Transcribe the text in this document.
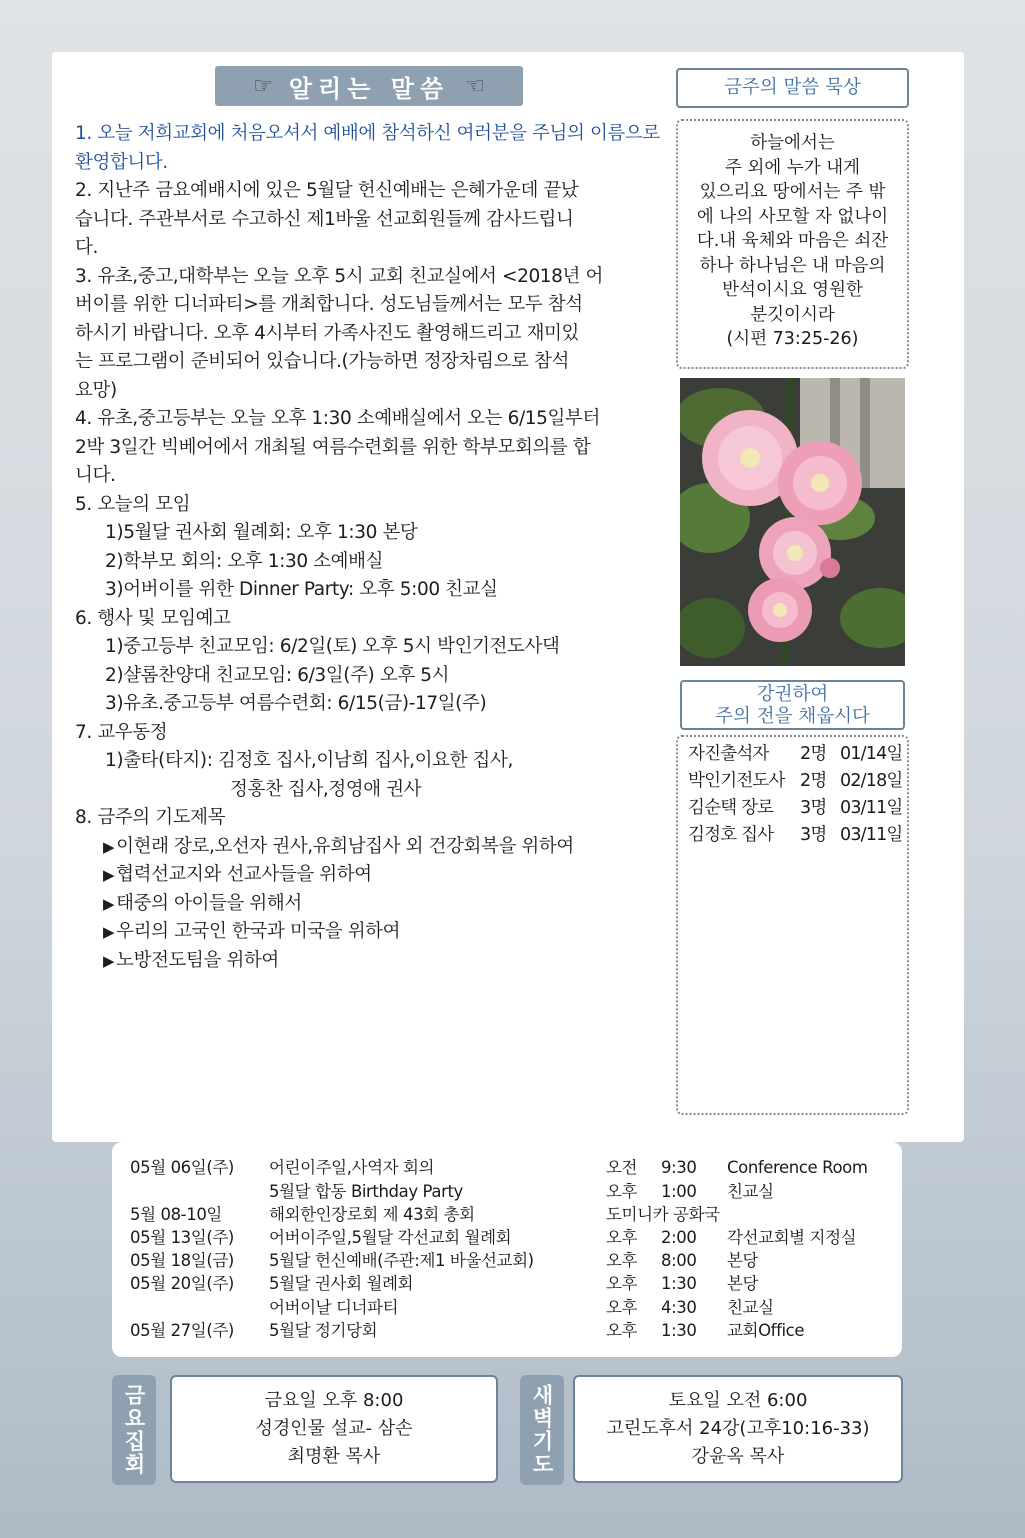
☞ 알리는 말씀 ☜

1. 오늘 저희교회에 처음오셔서 예배에 참석하신 여러분을 주님의 이름으로 환영합니다.

2. 지난주 금요예배시에 있은 5월달 헌신예배는 은혜가운데 끝났

습니다. 주관부서로 수고하신 제1바울 선교회원들께 감사드립니

다.

3. 유초,중고,대학부는 오늘 오후 5시 교회 친교실에서 <2018년 어

버이를 위한 디너파티>를 개최합니다. 성도님들께서는 모두 참석

하시기 바랍니다. 오후 4시부터 가족사진도 촬영해드리고 재미있

는 프로그램이 준비되어 있습니다.(가능하면 정장차림으로 참석

요망)

4. 유초,중고등부는 오늘 오후 1:30 소예배실에서 오는 6/15일부터

2박 3일간 빅베어에서 개최될 여름수련회를 위한 학부모회의를 합

니다.

5. 오늘의 모임

1)5월달 권사회 월례회: 오후 1:30 본당

2)학부모 회의: 오후 1:30 소예배실

3)어버이를 위한 Dinner Party: 오후 5:00 친교실

6. 행사 및 모임예고

1)중고등부 친교모임: 6/2일(토) 오후 5시 박인기전도사댁

2)샬롬찬양대 친교모임: 6/3일(주) 오후 5시

3)유초.중고등부 여름수련회: 6/15(금)-17일(주)

7. 교우동정

1)출타(타지): 김정호 집사,이남희 집사,이요한 집사,

정홍찬 집사,정영애 권사

8. 금주의 기도제목

▶ 이현래 장로,오선자 권사,유희남집사 외 건강회복을 위하여

▶ 협력선교지와 선교사들을 위하여

▶ 태중의 아이들을 위해서

▶ 우리의 고국인 한국과 미국을 위하여

▶ 노방전도팀을 위하여

금주의 말씀 묵상
하늘에서는
주 외에 누가 내게
있으리요 땅에서는 주 밖
에 나의 사모할 자 없나이
다.내 육체와 마음은 쇠잔
하나 하나님은 내 마음의
반석이시요 영원한
분깃이시라
(시편 73:25-26)
강권하여
주의 전을 채웁시다
자진출석자	2명 01/14일
박인기전도사 2명 02/18일
김순택 장로	3명 03/11일
김정호 집사	3명 03/11일
05월 06일(주) 어린이주일,사역자 회의	오전 9:30 Conference Room
5월달 합동 Birthday Party	오후 1:00 친교실
5월 08-10일	해외한인장로회 제 43회 총회	도미니카 공화국
05월 13일(주) 어버이주일,5월달 각선교회 월례회	오후 2:00 각선교회별 지정실
05월 18일(금) 5월달 헌신예배(주관:제1 바울선교회)	오후 8:00 본당
05월 20일(주) 5월달 권사회 월례회	오후 1:30 본당
어버이날 디너파티	오후 4:30 친교실
05월 27일(주) 5월달 정기당회	오후 1:30 교회Office
금요집회	금요일 오후 8:00
성경인물 설교- 삼손
최명환 목사	새벽기도	토요일 오전 6:00
고린도후서 24강(고후10:16-33)
강윤옥 목사
